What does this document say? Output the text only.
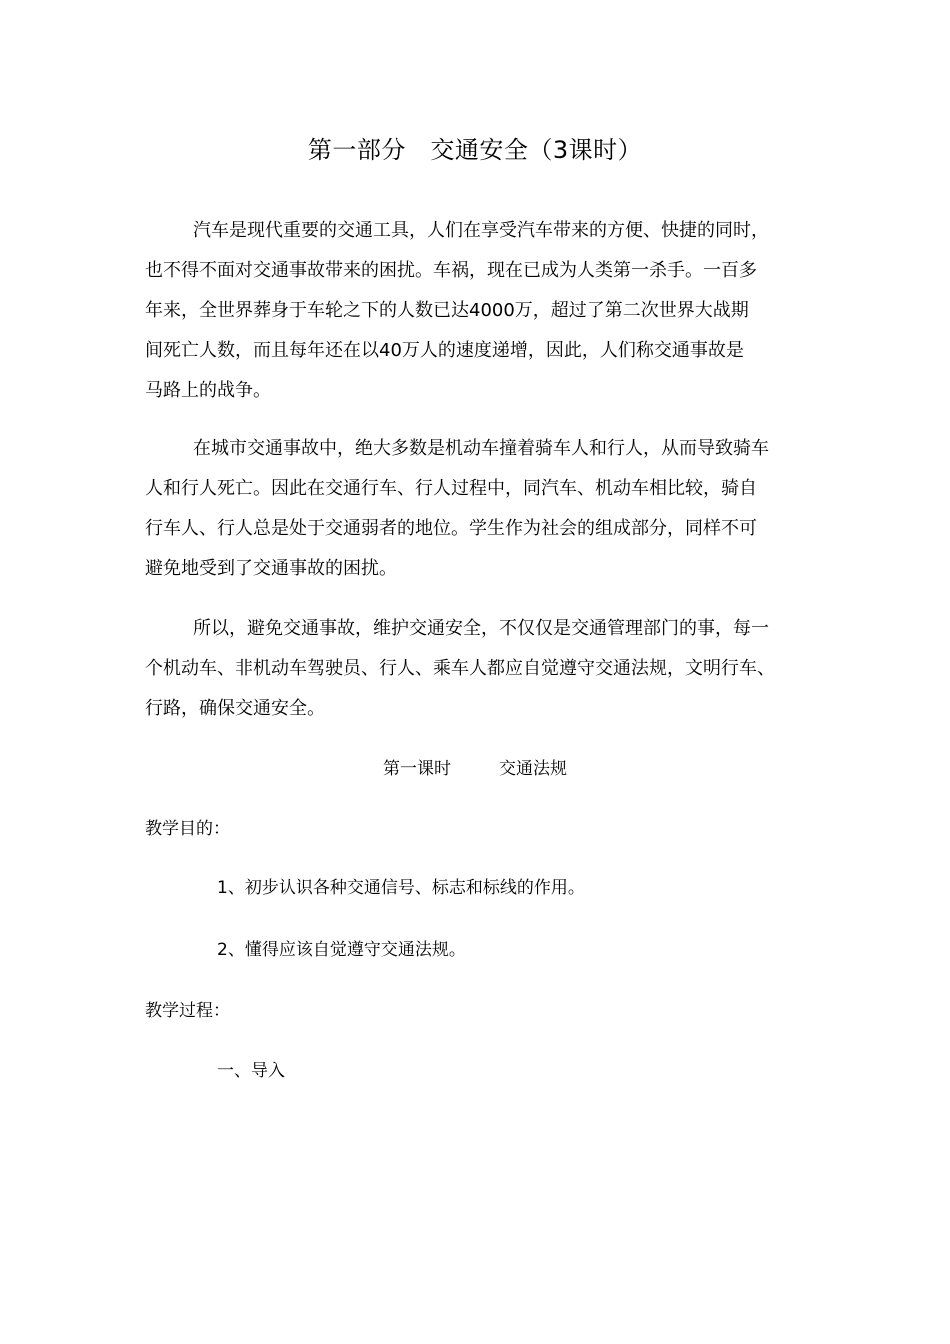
第一部分　交通安全（3课时）
汽车是现代重要的交通工具，人们在享受汽车带来的方便、快捷的同时，
也不得不面对交通事故带来的困扰。车祸，现在已成为人类第一杀手。一百多
年来，全世界葬身于车轮之下的人数已达4000万，超过了第二次世界大战期
间死亡人数，而且每年还在以40万人的速度递增，因此，人们称交通事故是
马路上的战争。
在城市交通事故中，绝大多数是机动车撞着骑车人和行人，从而导致骑车
人和行人死亡。因此在交通行车、行人过程中，同汽车、机动车相比较，骑自
行车人、行人总是处于交通弱者的地位。学生作为社会的组成部分，同样不可
避免地受到了交通事故的困扰。
所以，避免交通事故，维护交通安全，不仅仅是交通管理部门的事，每一
个机动车、非机动车驾驶员、行人、乘车人都应自觉遵守交通法规，文明行车、
行路，确保交通安全。
第一课时	交通法规
教学目的：
1、初步认识各种交通信号、标志和标线的作用。
2、懂得应该自觉遵守交通法规。
教学过程：
一、导入
